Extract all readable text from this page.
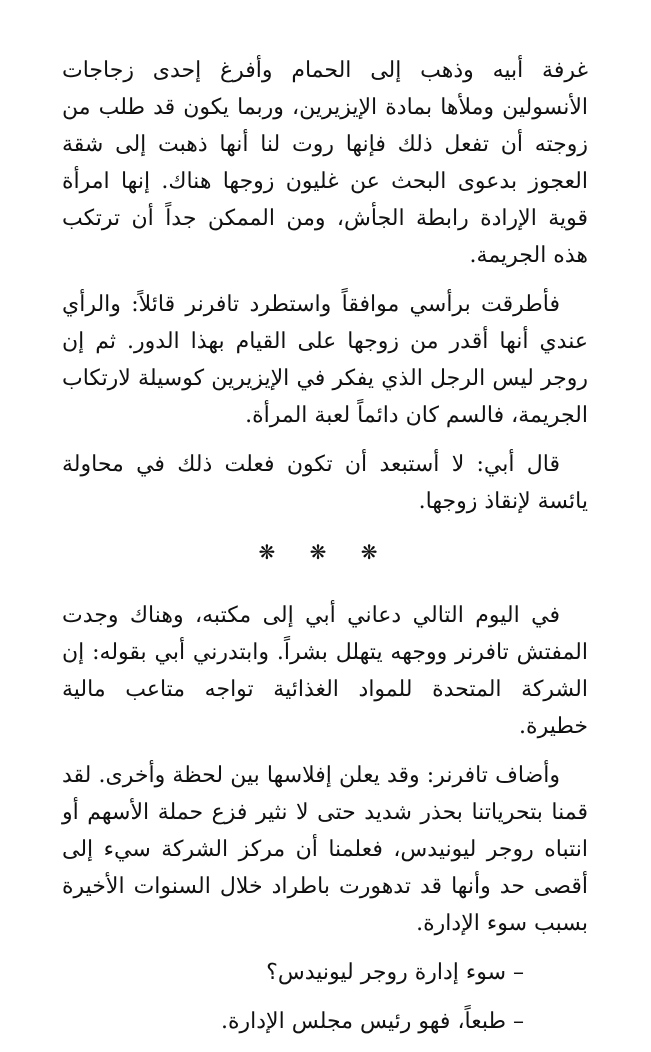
غرفة أبيه وذهب إلى الحمام وأفرغ إحدى زجاجات الأنسولين وملأها بمادة الإيزيرين، وربما يكون قد طلب من زوجته أن تفعل ذلك فإنها روت لنا أنها ذهبت إلى شقة العجوز بدعوى البحث عن غليون زوجها هناك. إنها امرأة قوية الإرادة رابطة الجأش، ومن الممكن جداً أن ترتكب هذه الجريمة.

فأطرقت برأسي موافقاً واستطرد تافرنر قائلاً: والرأي عندي أنها أقدر من زوجها على القيام بهذا الدور. ثم إن روجر ليس الرجل الذي يفكر في الإيزيرين كوسيلة لارتكاب الجريمة، فالسم كان دائماً لعبة المرأة.

قال أبي: لا أستبعد أن تكون فعلت ذلك في محاولة يائسة لإنقاذ زوجها.

❋ ❋ ❋

في اليوم التالي دعاني أبي إلى مكتبه، وهناك وجدت المفتش تافرنر ووجهه يتهلل بشراً. وابتدرني أبي بقوله: إن الشركة المتحدة للمواد الغذائية تواجه متاعب مالية خطيرة.

وأضاف تافرنر: وقد يعلن إفلاسها بين لحظة وأخرى. لقد قمنا بتحرياتنا بحذر شديد حتى لا نثير فزع حملة الأسهم أو انتباه روجر ليونيدس، فعلمنا أن مركز الشركة سيء إلى أقصى حد وأنها قد تدهورت باطراد خلال السنوات الأخيرة بسبب سوء الإدارة.

– سوء إدارة روجر ليونيدس؟

– طبعاً، فهو رئيس مجلس الإدارة.
